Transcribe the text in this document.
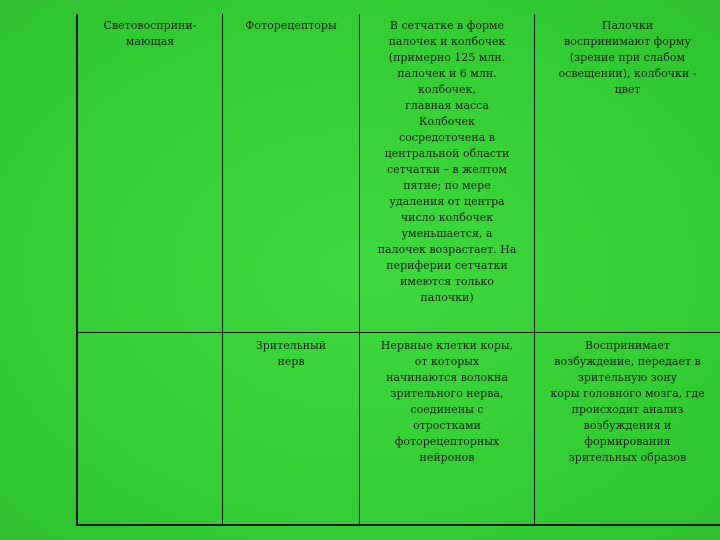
Световосприни-
мающая
Фоторецепторы	В сетчатке в форме
палочек и колбочек
(примерно 125 млн.
палочек и 6 млн.
колбочек,
главная масса
Колбочек
сосредоточена в
центральной области
сетчатки – в желтом
пятне; по мере
удаления от центра
число колбочек
уменьшается, а
палочек возрастает. На
периферии сетчатки
имеются только
палочки)
Палочки
воспринимают форму
(зрение при слабом
освещении), колбочки -
цвет
Зрительный
нерв
Нервные клетки коры,
от которых
начинаются волокна
зрительного нерва,
соединены с
отростками
фоторецепторных
нейронов
Воспринимает
возбуждение, передает в
зрительную зону
коры головного мозга, где
происходит анализ
возбуждения и
формирования
зрительных образов
